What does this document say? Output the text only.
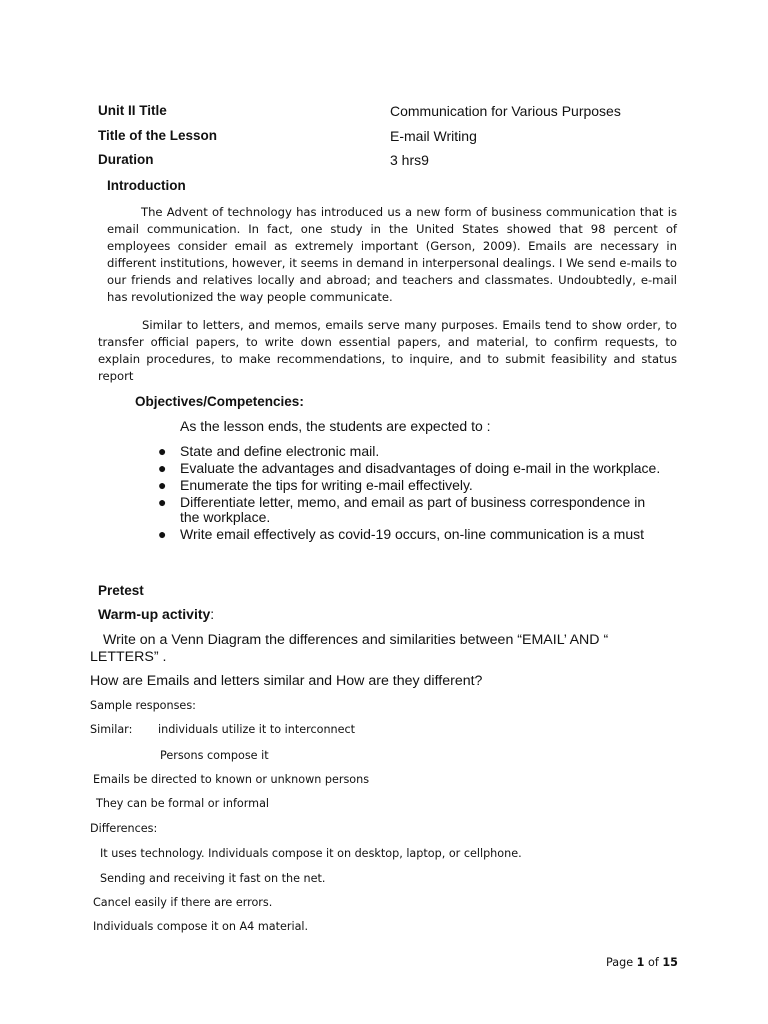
Unit II Title	Communication for Various Purposes
Title of the Lesson	E-mail Writing
Duration	3 hrs9
Introduction
The Advent of technology has introduced us a new form of business communication that is email communication. In fact, one study in the United States showed that 98 percent of employees consider email as extremely important (Gerson, 2009). Emails are necessary in different institutions, however, it seems in demand in interpersonal dealings. I We send e-mails to our friends and relatives locally and abroad; and teachers and classmates. Undoubtedly, e-mail has revolutionized the way people communicate.
Similar to letters, and memos, emails serve many purposes. Emails tend to show order, to transfer official papers, to write down essential papers, and material, to confirm requests, to explain procedures, to make recommendations, to inquire, and to submit feasibility and status report
Objectives/Competencies:
As the lesson ends, the students are expected to :
● State and define electronic mail.
● Evaluate the advantages and disadvantages of doing e-mail in the workplace.
● Enumerate the tips for writing e-mail effectively.
● Differentiate letter, memo, and email as part of business correspondence in the workplace.
● Write email effectively as covid-19 occurs, on-line communication is a must
Pretest
Warm-up activity:
Write on a Venn Diagram the differences and similarities between “EMAIL’ AND “ LETTERS” .
How are Emails and letters similar and How are they different?
Sample responses:
Similar: individuals utilize it to interconnect
Persons compose it
Emails be directed to known or unknown persons
They can be formal or informal
Differences:
It uses technology. Individuals compose it on desktop, laptop, or cellphone.
Sending and receiving it fast on the net.
Cancel easily if there are errors.
Individuals compose it on A4 material.
Page 1 of 15
